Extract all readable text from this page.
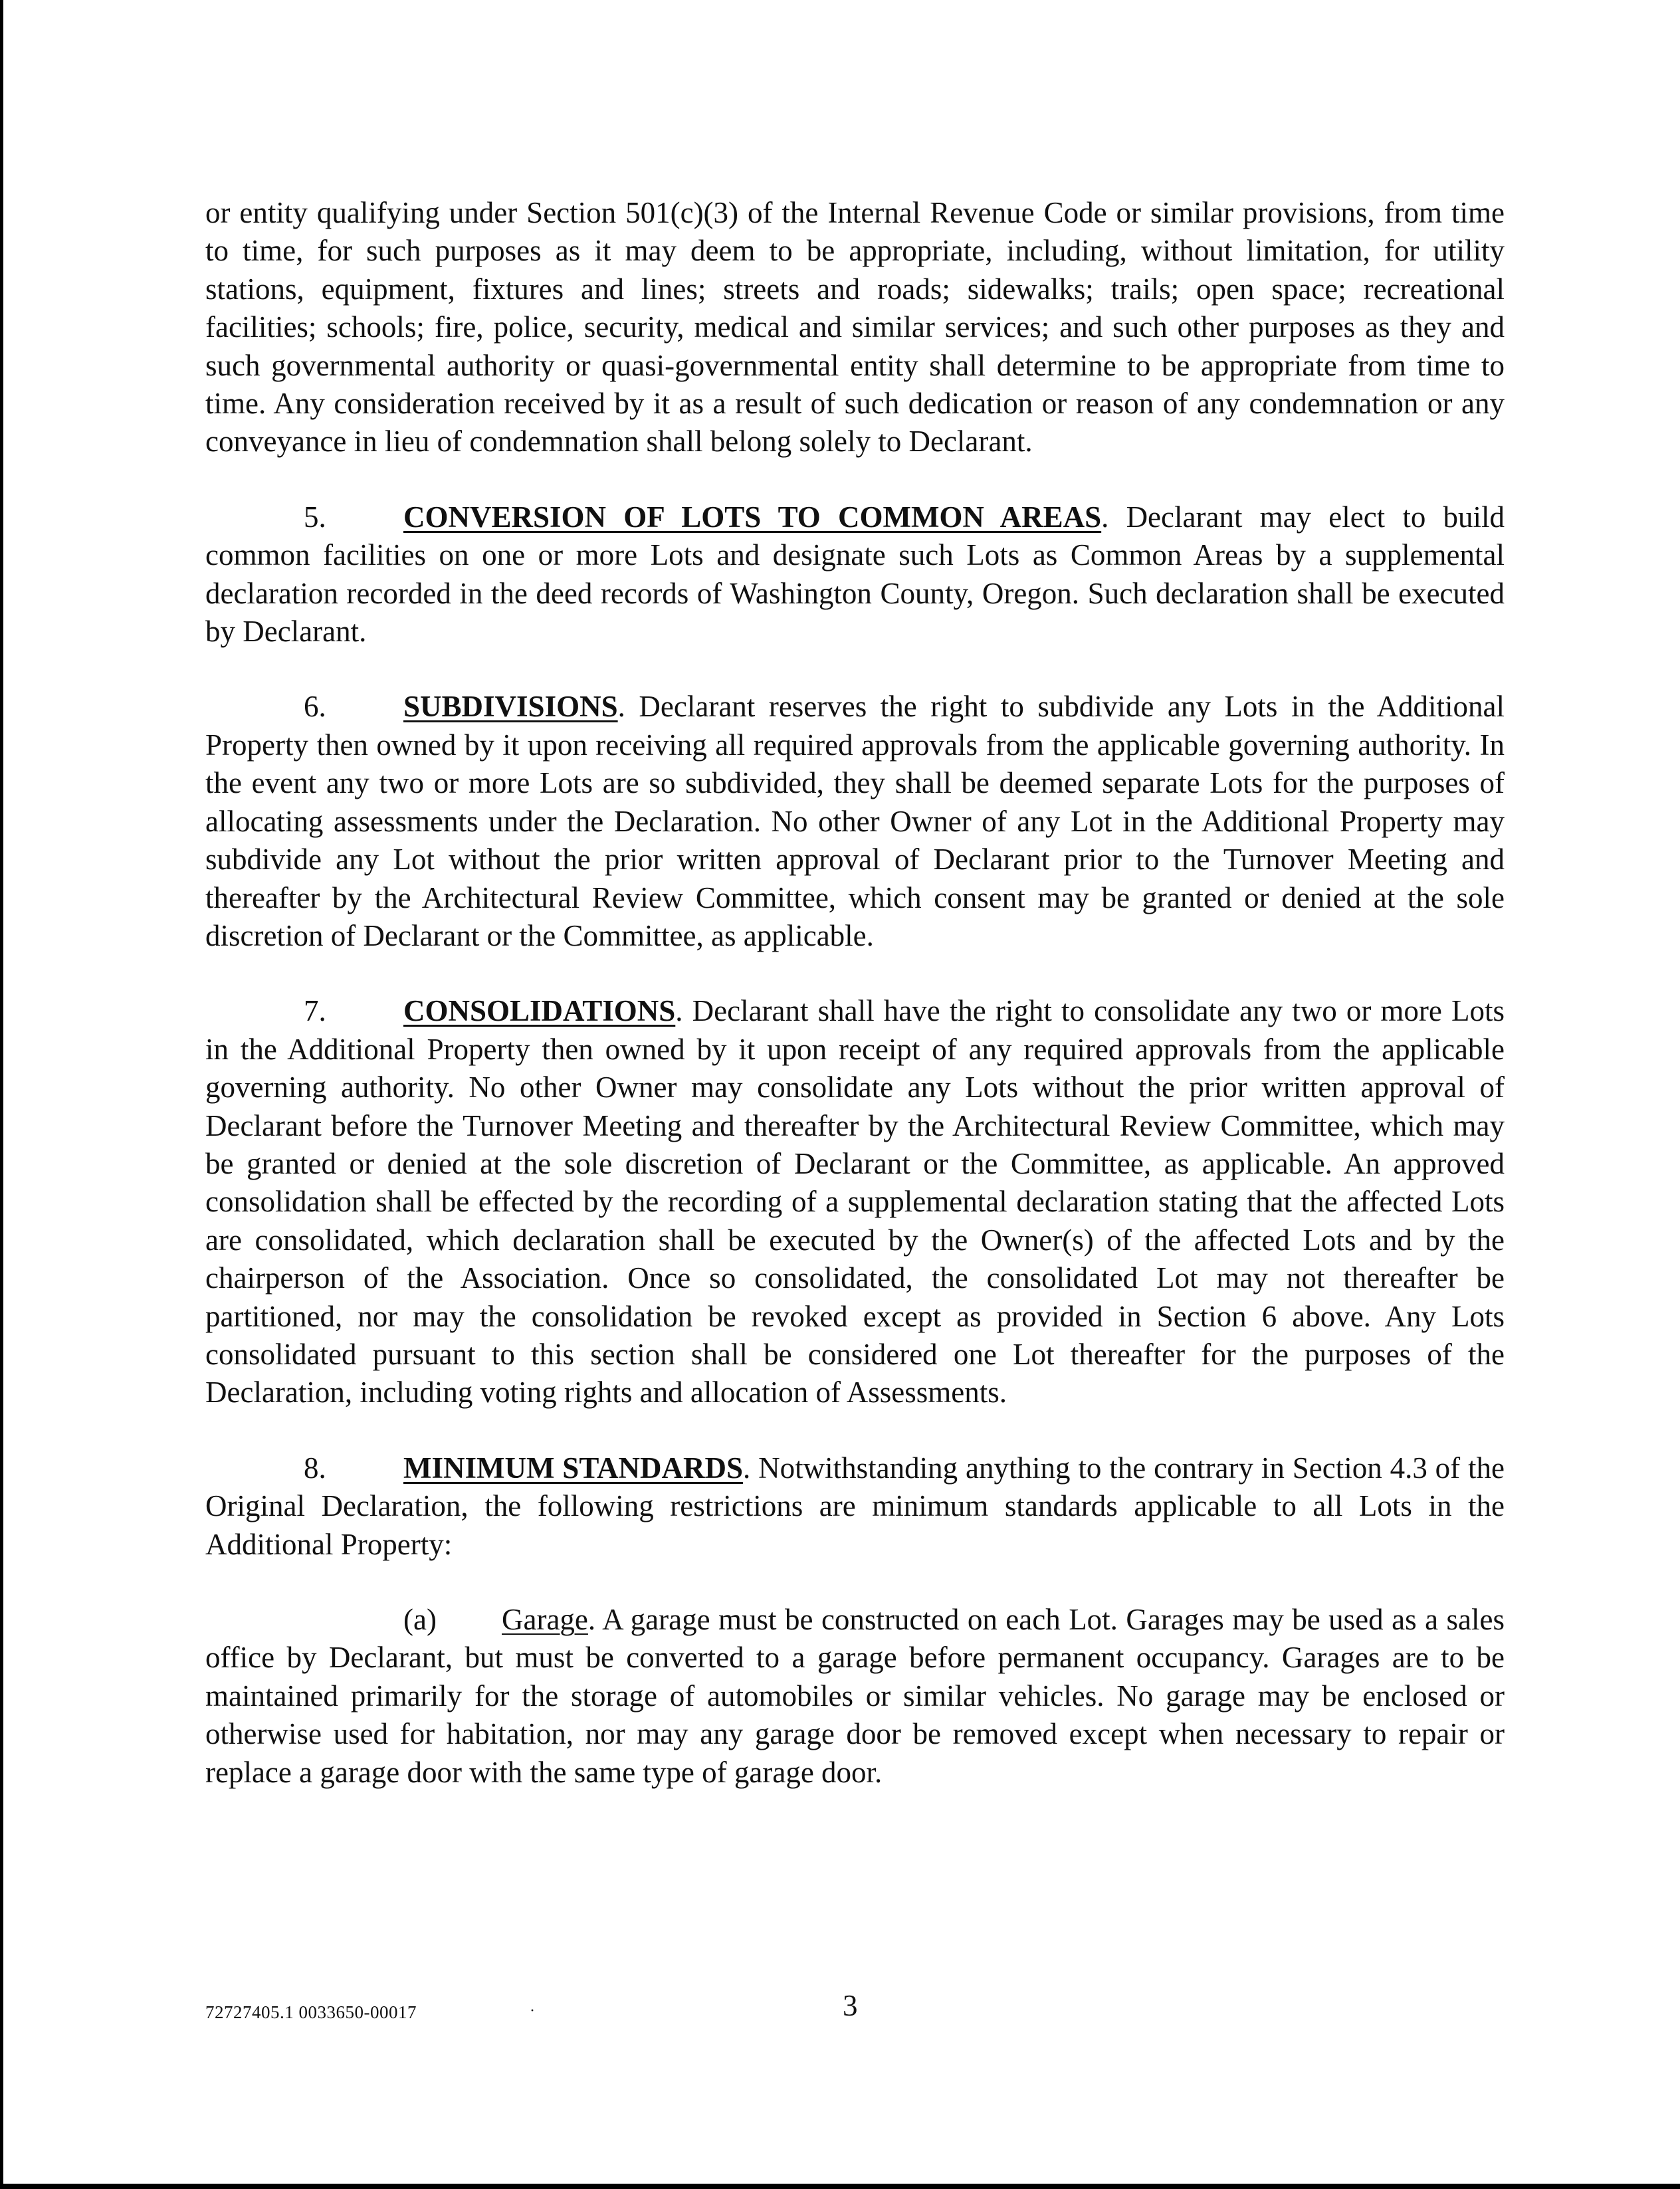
or entity qualifying under Section 501(c)(3) of the Internal Revenue Code or similar provisions, from time to time, for such purposes as it may deem to be appropriate, including, without limitation, for utility stations, equipment, fixtures and lines; streets and roads; sidewalks; trails; open space; recreational facilities; schools; fire, police, security, medical and similar services; and such other purposes as they and such governmental authority or quasi-governmental entity shall determine to be appropriate from time to time. Any consideration received by it as a result of such dedication or reason of any condemnation or any conveyance in lieu of condemnation shall belong solely to Declarant.

5.	CONVERSION OF LOTS TO COMMON AREAS. Declarant may elect to build common facilities on one or more Lots and designate such Lots as Common Areas by a supplemental declaration recorded in the deed records of Washington County, Oregon. Such declaration shall be executed by Declarant.

6.	SUBDIVISIONS. Declarant reserves the right to subdivide any Lots in the Additional Property then owned by it upon receiving all required approvals from the applicable governing authority. In the event any two or more Lots are so subdivided, they shall be deemed separate Lots for the purposes of allocating assessments under the Declaration. No other Owner of any Lot in the Additional Property may subdivide any Lot without the prior written approval of Declarant prior to the Turnover Meeting and thereafter by the Architectural Review Committee, which consent may be granted or denied at the sole discretion of Declarant or the Committee, as applicable.

7.	CONSOLIDATIONS. Declarant shall have the right to consolidate any two or more Lots in the Additional Property then owned by it upon receipt of any required approvals from the applicable governing authority. No other Owner may consolidate any Lots without the prior written approval of Declarant before the Turnover Meeting and thereafter by the Architectural Review Committee, which may be granted or denied at the sole discretion of Declarant or the Committee, as applicable. An approved consolidation shall be effected by the recording of a supplemental declaration stating that the affected Lots are consolidated, which declaration shall be executed by the Owner(s) of the affected Lots and by the chairperson of the Association. Once so consolidated, the consolidated Lot may not thereafter be partitioned, nor may the consolidation be revoked except as provided in Section 6 above. Any Lots consolidated pursuant to this section shall be considered one Lot thereafter for the purposes of the Declaration, including voting rights and allocation of Assessments.

8.	MINIMUM STANDARDS. Notwithstanding anything to the contrary in Section 4.3 of the Original Declaration, the following restrictions are minimum standards applicable to all Lots in the Additional Property:

(a) Garage. A garage must be constructed on each Lot. Garages may be used as a sales office by Declarant, but must be converted to a garage before permanent occupancy. Garages are to be maintained primarily for the storage of automobiles or similar vehicles. No garage may be enclosed or otherwise used for habitation, nor may any garage door be removed except when necessary to repair or replace a garage door with the same type of garage door.

72727405.1 0033650-00017	·	3
